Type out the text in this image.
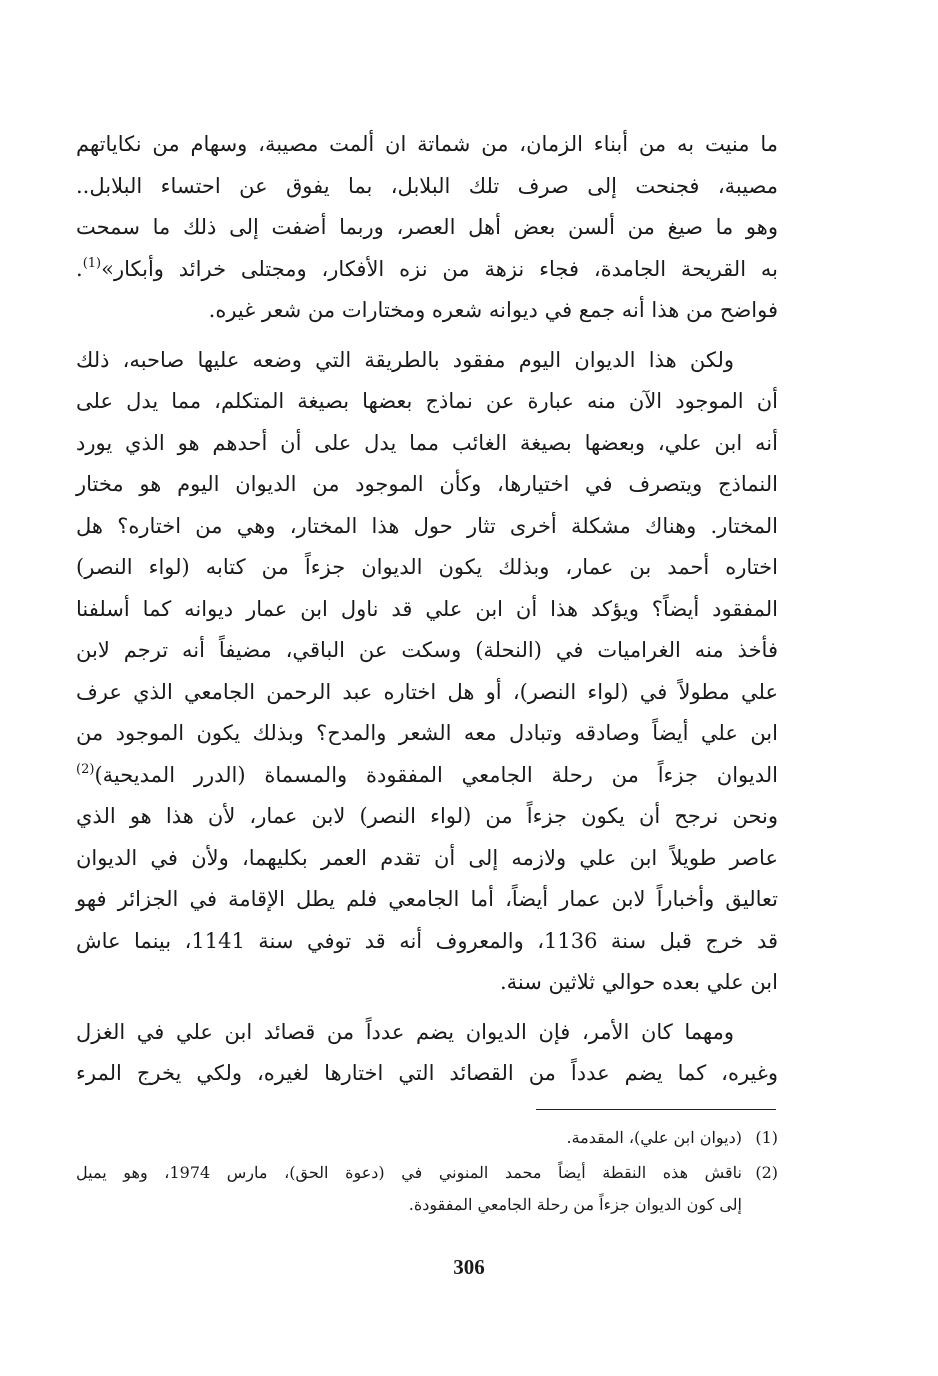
ما منيت به من أبناء الزمان، من شماتة ان ألمت مصيبة، وسهام من نكاياتهم
مصيبة، فجنحت إلى صرف تلك البلابل، بما يفوق عن احتساء البلابل..
وهو ما صيغ من ألسن بعض أهل العصر، وربما أضفت إلى ذلك ما سمحت
به القريحة الجامدة، فجاء نزهة من نزه الأفكار، ومجتلى خرائد وأبكار»$^{(1)}$.
فواضح من هذا أنه جمع في ديوانه شعره ومختارات من شعر غيره.

ولكن هذا الديوان اليوم مفقود بالطريقة التي وضعه عليها صاحبه، ذلك
أن الموجود الآن منه عبارة عن نماذج بعضها بصيغة المتكلم، مما يدل على
أنه ابن علي، وبعضها بصيغة الغائب مما يدل على أن أحدهم هو الذي يورد
النماذج ويتصرف في اختيارها، وكأن الموجود من الديوان اليوم هو مختار
المختار. وهناك مشكلة أخرى تثار حول هذا المختار، وهي من اختاره؟ هل
اختاره أحمد بن عمار، وبذلك يكون الديوان جزءاً من كتابه (لواء النصر)
المفقود أيضاً؟ ويؤكد هذا أن ابن علي قد ناول ابن عمار ديوانه كما أسلفنا
فأخذ منه الغراميات في (النحلة) وسكت عن الباقي، مضيفاً أنه ترجم لابن
علي مطولاً في (لواء النصر)، أو هل اختاره عبد الرحمن الجامعي الذي عرف
ابن علي أيضاً وصادقه وتبادل معه الشعر والمدح؟ وبذلك يكون الموجود من
الديوان جزءاً من رحلة الجامعي المفقودة والمسماة (الدرر المديحية)$^{(2)}$
ونحن نرجح أن يكون جزءاً من (لواء النصر) لابن عمار، لأن هذا هو الذي
عاصر طويلاً ابن علي ولازمه إلى أن تقدم العمر بكليهما، ولأن في الديوان
تعاليق وأخباراً لابن عمار أيضاً، أما الجامعي فلم يطل الإقامة في الجزائر فهو
قد خرج قبل سنة 1136، والمعروف أنه قد توفي سنة 1141، بينما عاش
ابن علي بعده حوالي ثلاثين سنة.

ومهما كان الأمر، فإن الديوان يضم عدداً من قصائد ابن علي في الغزل
وغيره، كما يضم عدداً من القصائد التي اختارها لغيره، ولكي يخرج المرء

(1)
(ديوان ابن علي)، المقدمة.
(2)
ناقش هذه النقطة أيضاً محمد المنوني في (دعوة الحق)، مارس 1974، وهو يميل
إلى كون الديوان جزءاً من رحلة الجامعي المفقودة.
306
